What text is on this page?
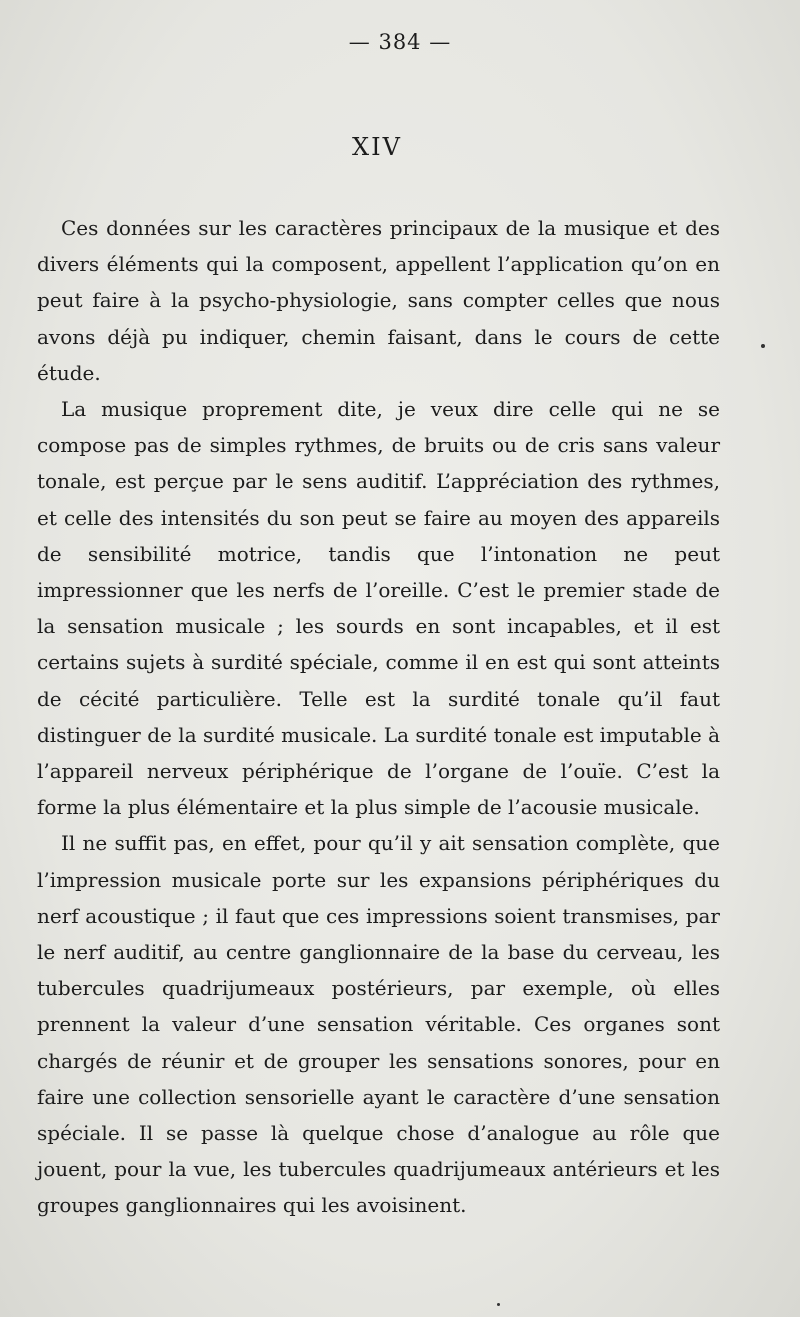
— 384 —
XIV

Ces données sur les caractères principaux de la musique et des divers éléments qui la composent, appellent l’application qu’on en peut faire à la psycho-physiologie, sans compter celles que nous avons déjà pu indiquer, chemin faisant, dans le cours de cette étude.

La musique proprement dite, je veux dire celle qui ne se compose pas de simples rythmes, de bruits ou de cris sans valeur tonale, est perçue par le sens auditif. L’appréciation des rythmes, et celle des intensités du son peut se faire au moyen des appareils de sensibilité motrice, tandis que l’intonation ne peut impressionner que les nerfs de l’oreille. C’est le premier stade de la sensation musicale ; les sourds en sont incapables, et il est certains sujets à surdité spéciale, comme il en est qui sont atteints de cécité particulière. Telle est la surdité tonale qu’il faut distinguer de la surdité musicale. La surdité tonale est imputable à l’appareil nerveux périphérique de l’organe de l’ouïe. C’est la forme la plus élémentaire et la plus simple de l’acousie musicale.

Il ne suffit pas, en effet, pour qu’il y ait sensation complète, que l’impression musicale porte sur les expansions périphériques du nerf acoustique ; il faut que ces impressions soient transmises, par le nerf auditif, au centre ganglionnaire de la base du cerveau, les tubercules quadrijumeaux postérieurs, par exemple, où elles prennent la valeur d’une sensation véritable. Ces organes sont chargés de réunir et de grouper les sensations sonores, pour en faire une collection sensorielle ayant le caractère d’une sensation spéciale. Il se passe là quelque chose d’analogue au rôle que jouent, pour la vue, les tubercules quadrijumeaux antérieurs et les groupes ganglionnaires qui les avoisinent.
